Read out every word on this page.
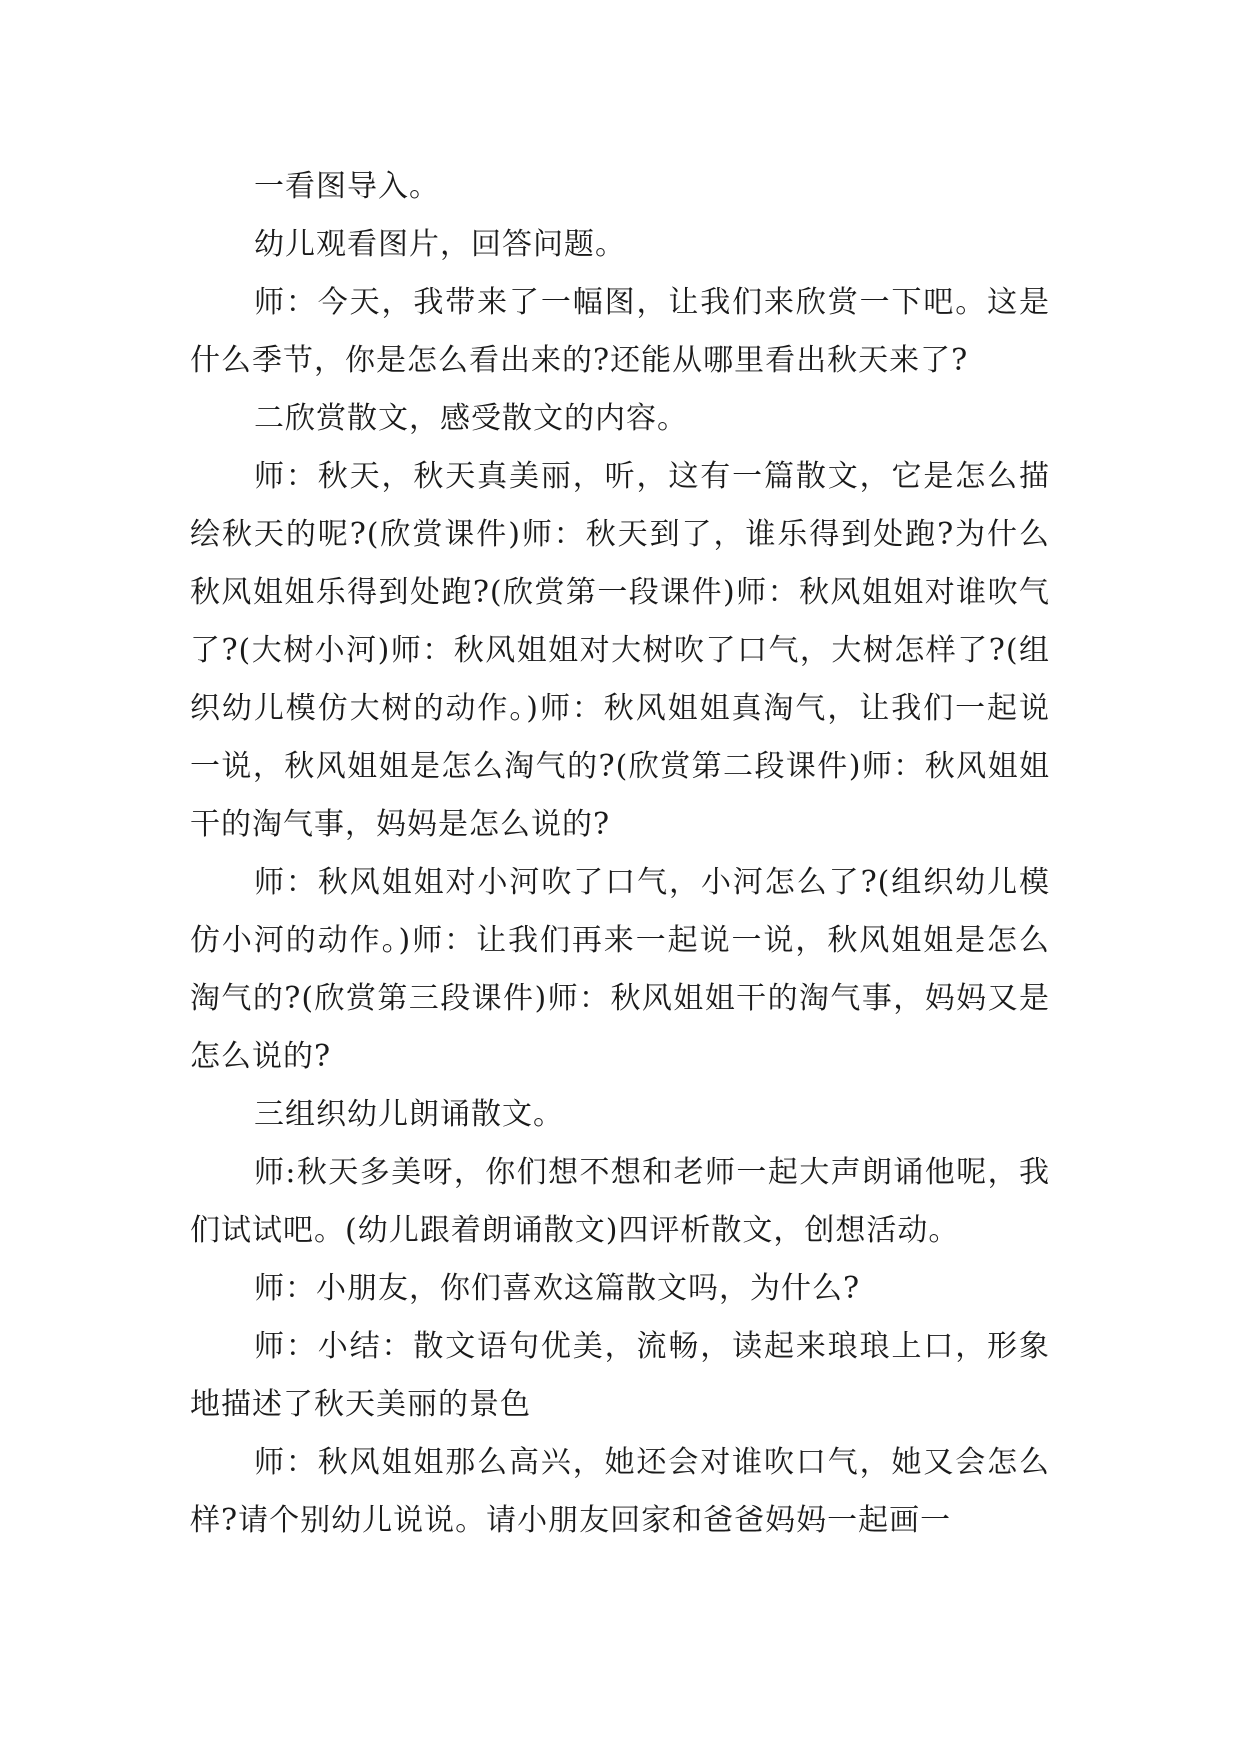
一看图导入。

幼儿观看图片，回答问题。

师：今天，我带来了一幅图，让我们来欣赏一下吧。这是什么季节，你是怎么看出来的?还能从哪里看出秋天来了?

二欣赏散文，感受散文的内容。

师：秋天，秋天真美丽，听，这有一篇散文，它是怎么描绘秋天的呢?(欣赏课件)师：秋天到了，谁乐得到处跑?为什么秋风姐姐乐得到处跑?(欣赏第一段课件)师：秋风姐姐对谁吹气了?(大树小河)师：秋风姐姐对大树吹了口气，大树怎样了?(组织幼儿模仿大树的动作。)师：秋风姐姐真淘气，让我们一起说一说，秋风姐姐是怎么淘气的?(欣赏第二段课件)师：秋风姐姐干的淘气事，妈妈是怎么说的?

师：秋风姐姐对小河吹了口气，小河怎么了?(组织幼儿模仿小河的动作。)师：让我们再来一起说一说，秋风姐姐是怎么淘气的?(欣赏第三段课件)师：秋风姐姐干的淘气事，妈妈又是怎么说的?

三组织幼儿朗诵散文。

师:秋天多美呀，你们想不想和老师一起大声朗诵他呢，我们试试吧。(幼儿跟着朗诵散文)四评析散文，创想活动。

师：小朋友，你们喜欢这篇散文吗，为什么?

师：小结：散文语句优美，流畅，读起来琅琅上口，形象地描述了秋天美丽的景色

师：秋风姐姐那么高兴，她还会对谁吹口气，她又会怎么样?请个别幼儿说说。请小朋友回家和爸爸妈妈一起画一
